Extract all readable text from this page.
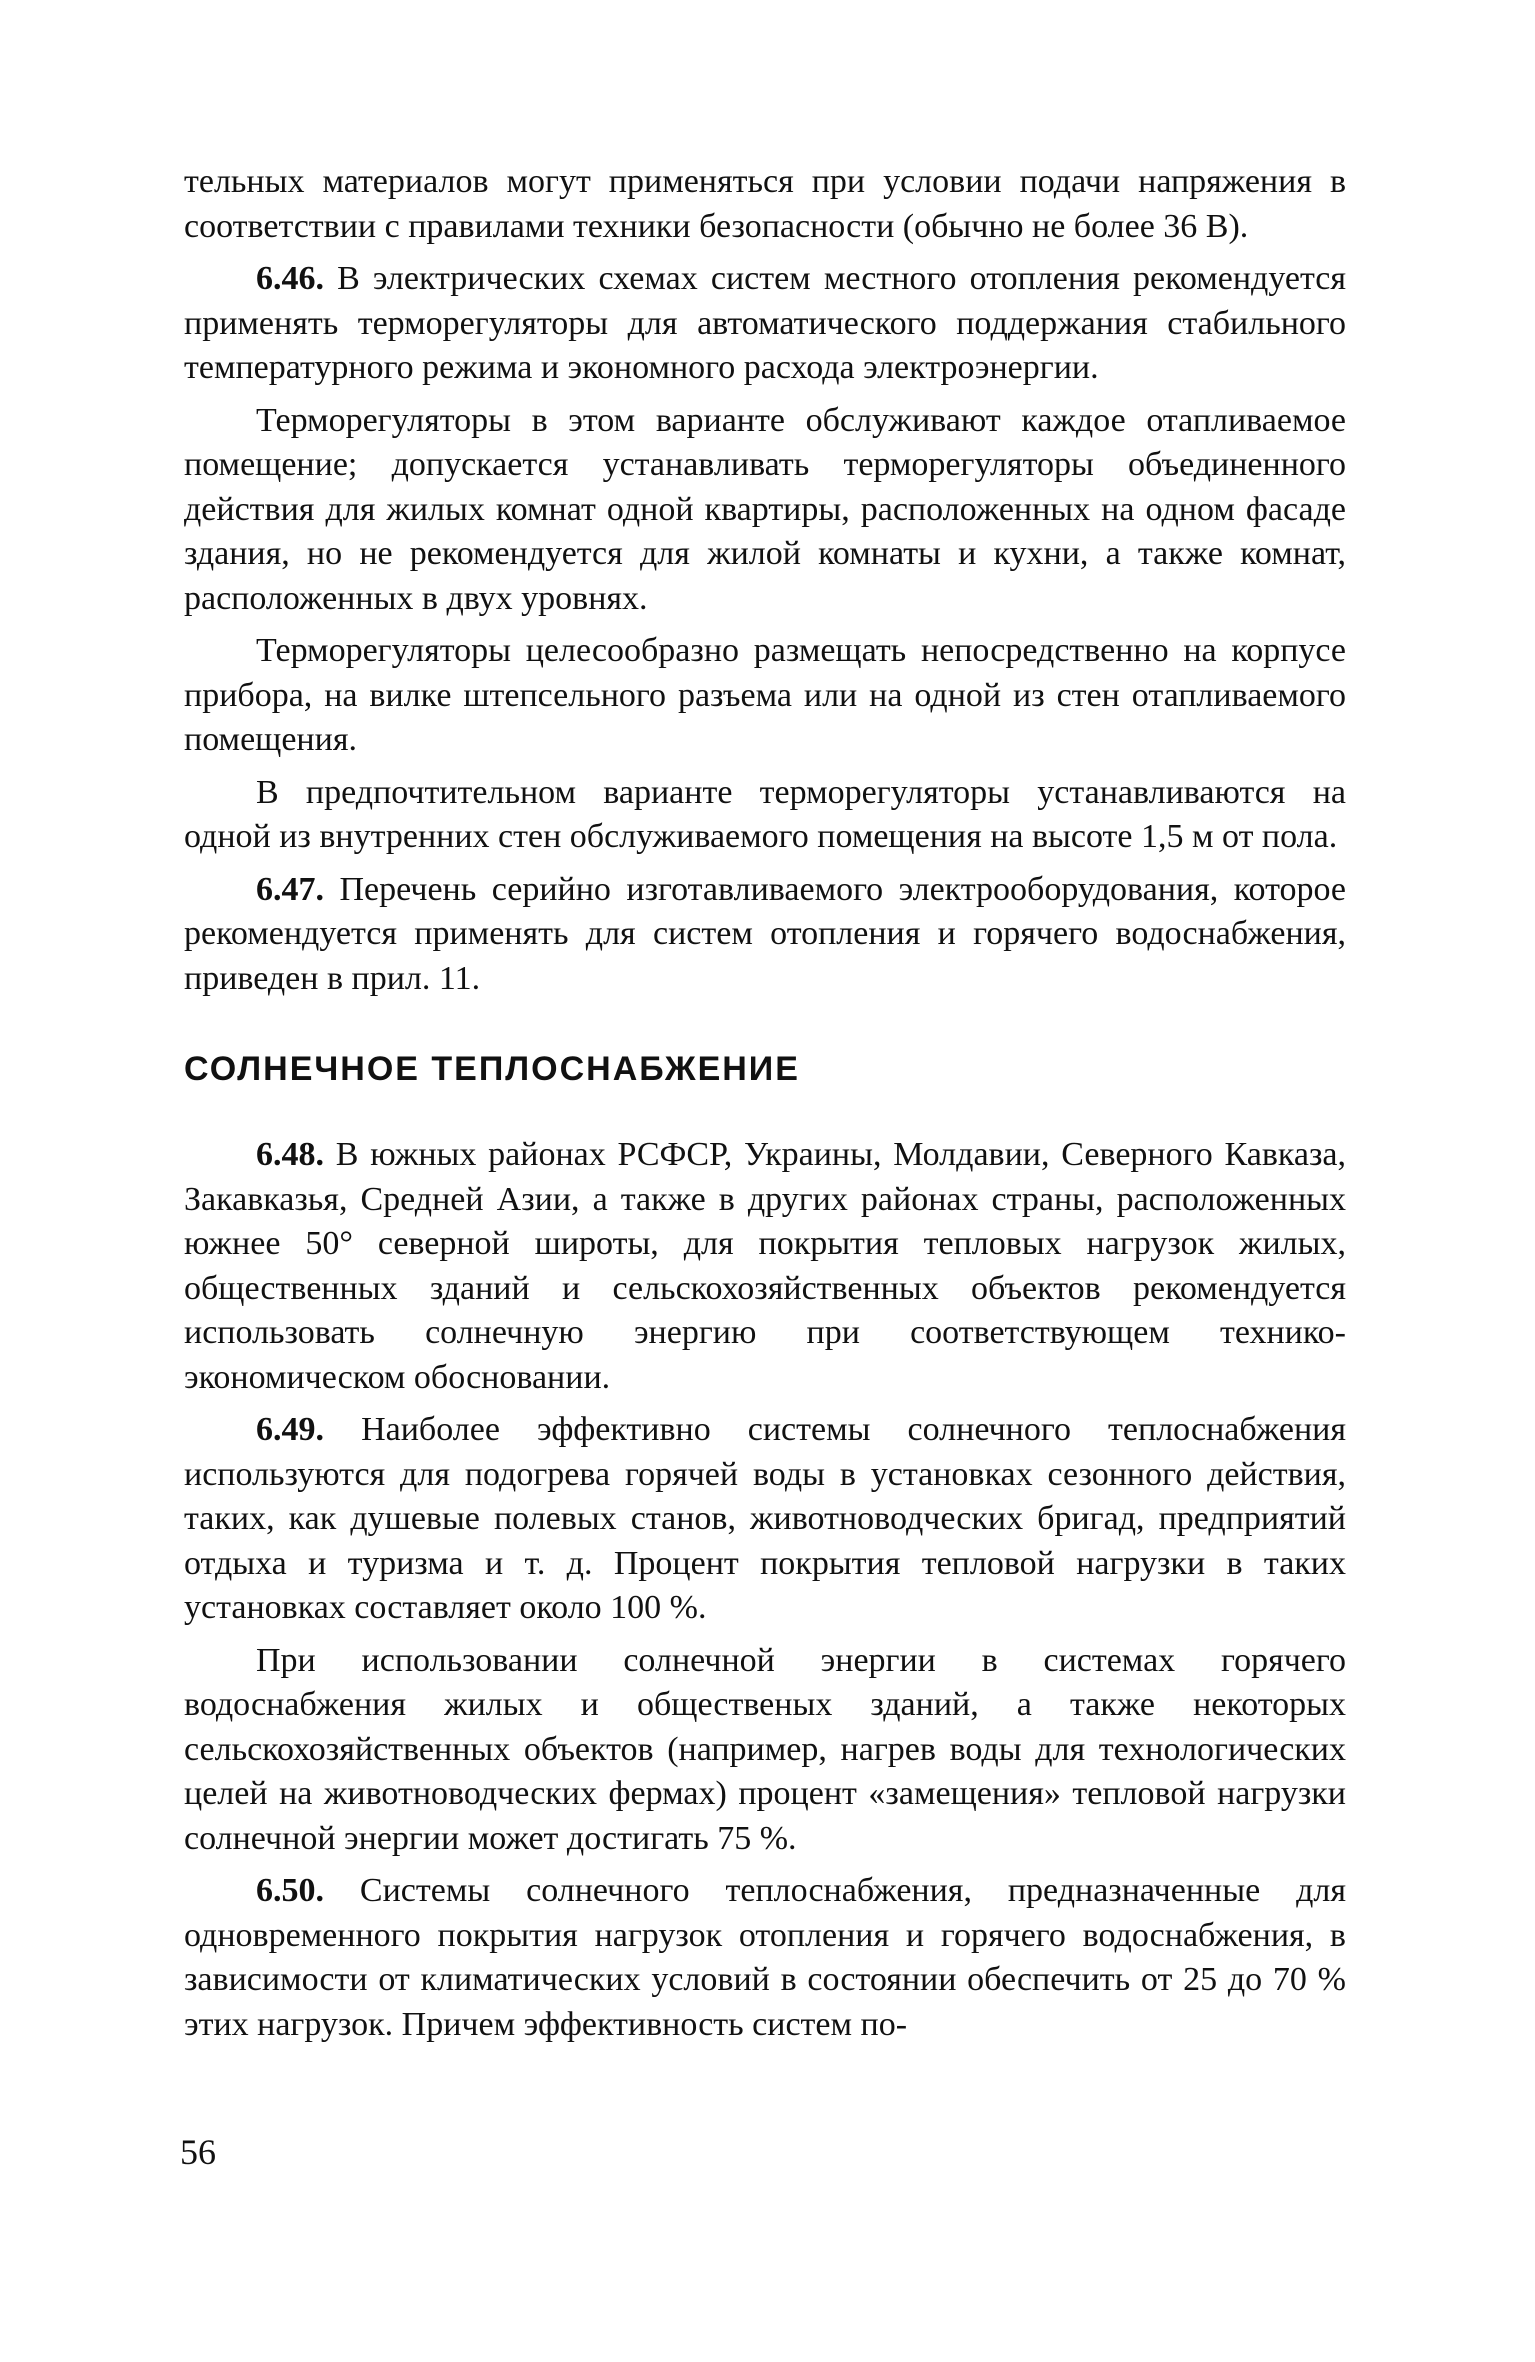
тельных материалов могут применяться при условии подачи напряжения в соответствии с правилами техники безопасности (обычно не более 36 В).

6.46. В электрических схемах систем местного отопления рекомендуется применять терморегуляторы для автоматического поддержания стабильного температурного режима и экономного расхода электроэнергии.

Терморегуляторы в этом варианте обслуживают каждое отапливаемое помещение; допускается устанавливать терморегуляторы объединенного действия для жилых комнат одной квартиры, расположенных на одном фасаде здания, но не рекомендуется для жилой комнаты и кухни, а также комнат, расположенных в двух уровнях.

Терморегуляторы целесообразно размещать непосредственно на корпусе прибора, на вилке штепсельного разъема или на одной из стен отапливаемого помещения.

В предпочтительном варианте терморегуляторы устанавливаются на одной из внутренних стен обслуживаемого помещения на высоте 1,5 м от пола.

6.47. Перечень серийно изготавливаемого электрооборудования, которое рекомендуется применять для систем отопления и горячего водоснабжения, приведен в прил. 11.

СОЛНЕЧНОЕ ТЕПЛОСНАБЖЕНИЕ

6.48. В южных районах РСФСР, Украины, Молдавии, Северного Кавказа, Закавказья, Средней Азии, а также в других районах страны, расположенных южнее 50° северной широты, для покрытия тепловых нагрузок жилых, общественных зданий и сельскохозяйственных объектов рекомендуется использовать солнечную энергию при соответствующем технико-экономическом обосновании.

6.49. Наиболее эффективно системы солнечного теплоснабжения используются для подогрева горячей воды в установках сезонного действия, таких, как душевые полевых станов, животноводческих бригад, предприятий отдыха и туризма и т. д. Процент покрытия тепловой нагрузки в таких установках составляет около 100 %.

При использовании солнечной энергии в системах горячего водоснабжения жилых и общественых зданий, а также некоторых сельскохозяйственных объектов (например, нагрев воды для технологических целей на животноводческих фермах) процент «замещения» тепловой нагрузки солнечной энергии может достигать 75 %.

6.50. Системы солнечного теплоснабжения, предназначенные для одновременного покрытия нагрузок отопления и горячего водоснабжения, в зависимости от климатических условий в состоянии обеспечить от 25 до 70 % этих нагрузок. Причем эффективность систем по-

56
